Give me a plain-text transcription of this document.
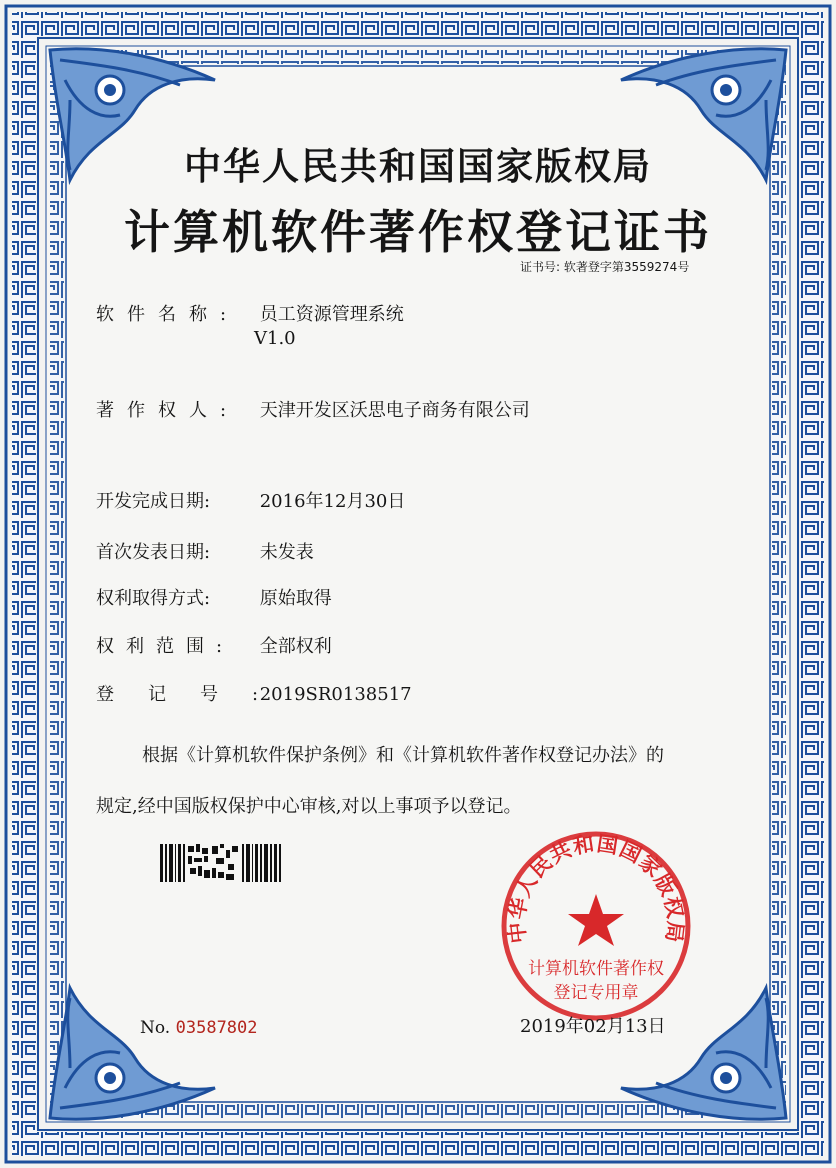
中华人民共和国国家版权局
计算机软件著作权登记证书
证书号: 软著登字第3559274号
软件名称: 员工资源管理系统
V1.0
著作权人: 天津开发区沃思电子商务有限公司
开发完成日期:	2016年12月30日
首次发表日期:	未发表
权利取得方式:	原始取得
权利范围: 全部权利
登记号: 2019SR0138517
根据《计算机软件保护条例》和《计算机软件著作权登记办法》的
规定,经中国版权保护中心审核,对以上事项予以登记。
No. 03587802
中华人民共和国国家版权局
计算机软件著作权
登记专用章
2019年02月13日
